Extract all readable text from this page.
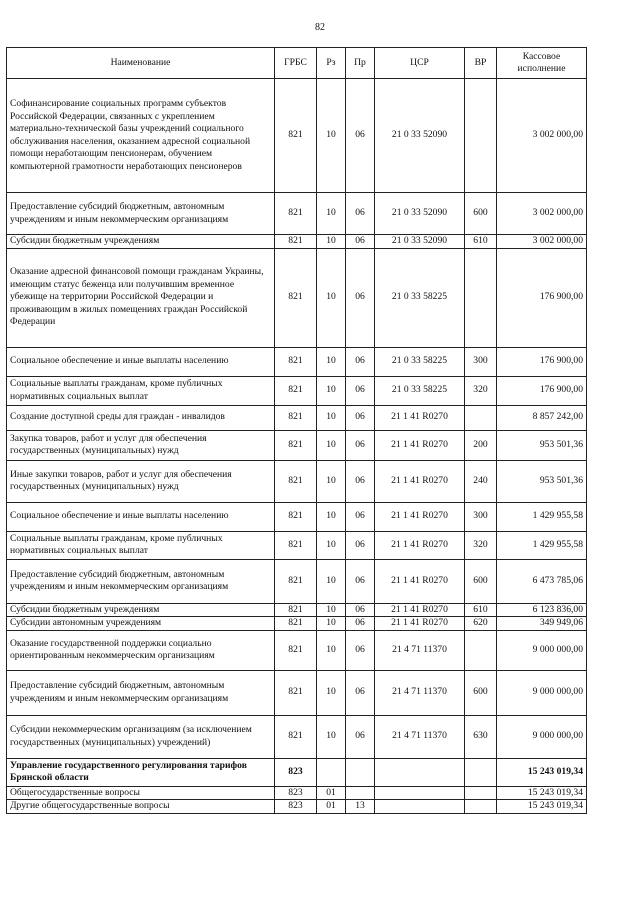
82
Наименование	ГРБС	Рз	Пр	ЦСР	ВР	Кассовое исполнение
Софинансирование социальных программ субъектов Российской Федерации, связанных с укреплением материально-технической базы учреждений социального обслуживания населения, оказанием адресной социальной помощи неработающим пенсионерам, обучением компьютерной грамотности неработающих пенсионеров	821	10	06	21 0 33 52090		3 002 000,00
Предоставление субсидий бюджетным, автономным учреждениям и иным некоммерческим организациям	821	10	06	21 0 33 52090	600	3 002 000,00
Субсидии бюджетным учреждениям	821	10	06	21 0 33 52090	610	3 002 000,00
Оказание адресной финансовой помощи гражданам Украины, имеющим статус беженца или получившим временное убежище на территории Российской Федерации и проживающим в жилых помещениях граждан Российской Федерации	821	10	06	21 0 33 58225		176 900,00
Социальное обеспечение и иные выплаты населению	821	10	06	21 0 33 58225	300	176 900,00
Социальные выплаты гражданам, кроме публичных нормативных социальных выплат	821	10	06	21 0 33 58225	320	176 900,00
Создание доступной среды для граждан - инвалидов	821	10	06	21 1 41 R0270		8 857 242,00
Закупка товаров, работ и услуг для обеспечения государственных (муниципальных) нужд	821	10	06	21 1 41 R0270	200	953 501,36
Иные закупки товаров, работ и услуг для обеспечения государственных (муниципальных) нужд	821	10	06	21 1 41 R0270	240	953 501,36
Социальное обеспечение и иные выплаты населению	821	10	06	21 1 41 R0270	300	1 429 955,58
Социальные выплаты гражданам, кроме публичных нормативных социальных выплат	821	10	06	21 1 41 R0270	320	1 429 955,58
Предоставление субсидий бюджетным, автономным учреждениям и иным некоммерческим организациям	821	10	06	21 1 41 R0270	600	6 473 785,06
Субсидии бюджетным учреждениям	821	10	06	21 1 41 R0270	610	6 123 836,00
Субсидии автономным учреждениям	821	10	06	21 1 41 R0270	620	349 949,06
Оказание государственной поддержки социально ориентированным некоммерческим организациям	821	10	06	21 4 71 11370		9 000 000,00
Предоставление субсидий бюджетным, автономным учреждениям и иным некоммерческим организациям	821	10	06	21 4 71 11370	600	9 000 000,00
Субсидии некоммерческим организациям (за исключением государственных (муниципальных) учреждений)	821	10	06	21 4 71 11370	630	9 000 000,00
Управление государственного регулирования тарифов Брянской области	823					15 243 019,34
Общегосударственные вопросы	823	01				15 243 019,34
Другие общегосударственные вопросы	823	01	13			15 243 019,34
